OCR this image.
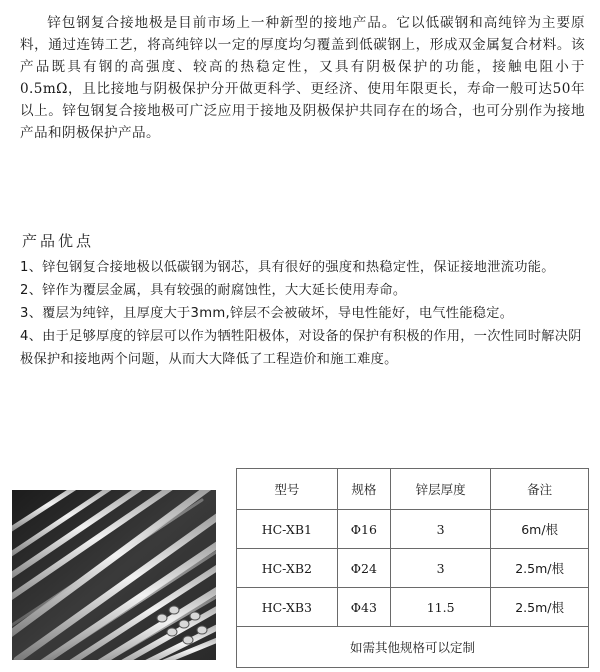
锌包钢复合接地极是目前市场上一种新型的接地产品。它以低碳钢和高纯锌为主要原料，通过连铸工艺，将高纯锌以一定的厚度均匀覆盖到低碳钢上，形成双金属复合材料。该产品既具有钢的高强度、较高的热稳定性，又具有阴极保护的功能，接触电阻小于0.5mΩ，且比接地与阴极保护分开做更科学、更经济、使用年限更长，寿命一般可达50年以上。锌包钢复合接地极可广泛应用于接地及阴极保护共同存在的场合，也可分别作为接地产品和阴极保护产品。

产品优点

1、锌包钢复合接地极以低碳钢为钢芯，具有很好的强度和热稳定性，保证接地泄流功能。

2、锌作为覆层金属，具有较强的耐腐蚀性，大大延长使用寿命。

3、覆层为纯锌，且厚度大于3mm,锌层不会被破坏，导电性能好，电气性能稳定。

4、由于足够厚度的锌层可以作为牺牲阳极体，对设备的保护有积极的作用，一次性同时解决阴极保护和接地两个问题，从而大大降低了工程造价和施工难度。

型号	规格	锌层厚度	备注
HC-XB1	Φ16	3	6m/根
HC-XB2	Φ24	3	2.5m/根
HC-XB3	Φ43	11.5	2.5m/根
如需其他规格可以定制			
